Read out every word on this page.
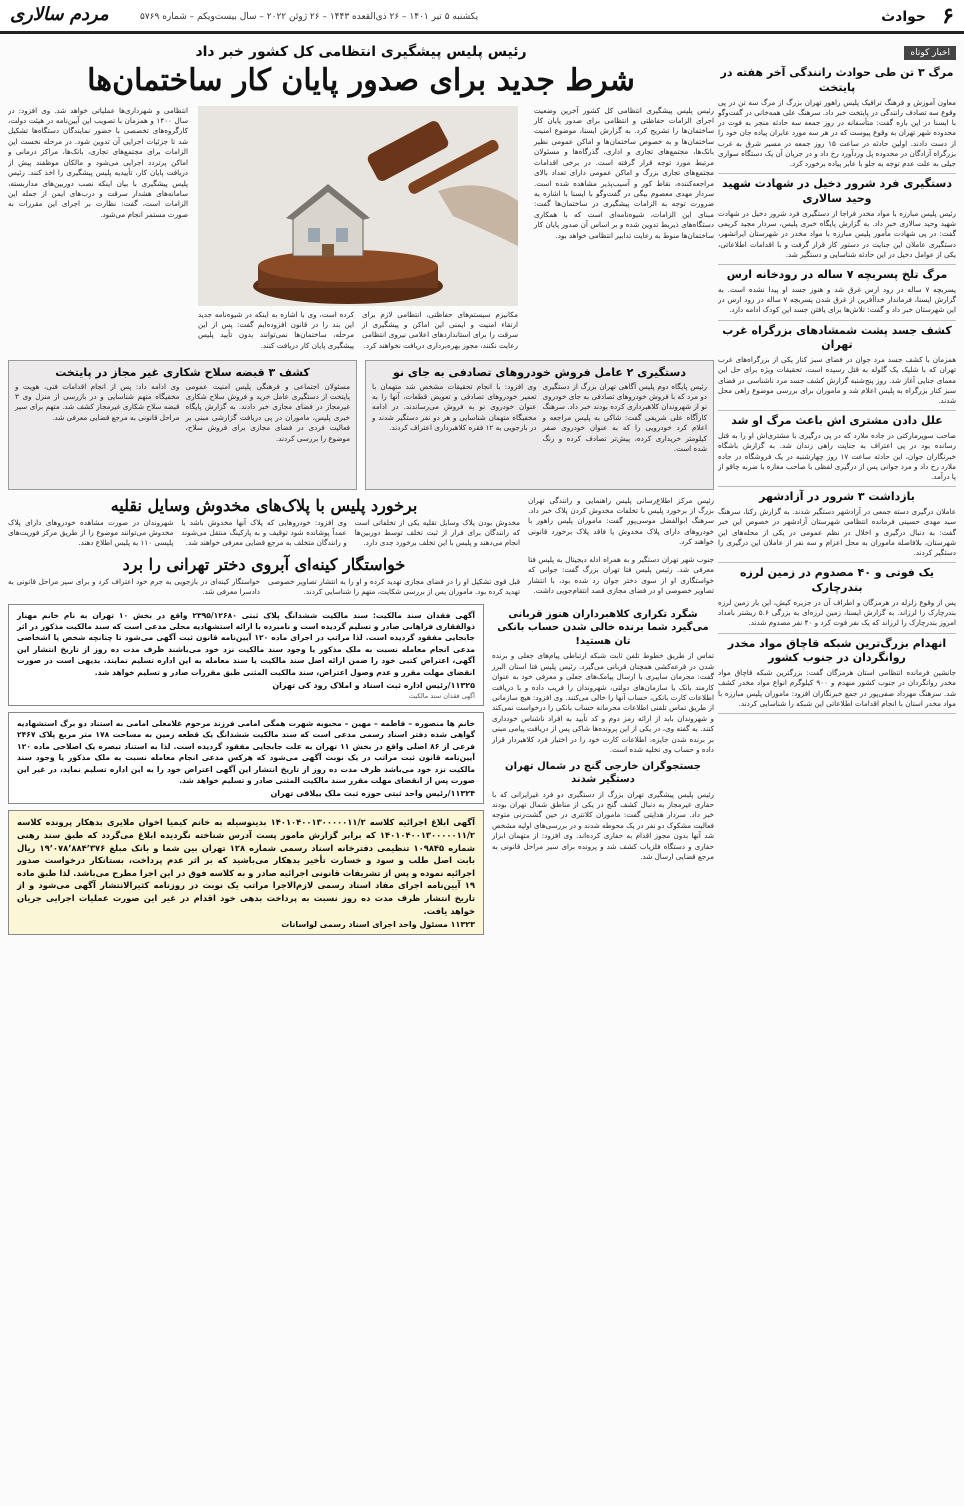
۶
حوادث
یکشنبه ۵ تیر ۱۴۰۱ – ۲۶ ذی‌القعده ۱۴۴۳ – ۲۶ ژوئن ۲۰۲۲ – سال بیست‌ویکم – شماره ۵۷۶۹
مردم سالاری
اخبار کوتاه
مرگ ۳ تن طی حوادث رانندگی آخر هفته در پایتخت

معاون آموزش و فرهنگ ترافیک پلیس راهور تهران بزرگ از مرگ سه تن در پی وقوع سه تصادف رانندگی در پایتخت خبر داد. سرهنگ علی همه‌خانی در گفت‌وگو با ایسنا در این باره گفت: متأسفانه در روز جمعه سه حادثه منجر به فوت در محدوده شهر تهران به وقوع پیوست که در هر سه مورد عابران پیاده جان خود را از دست دادند. اولین حادثه در ساعت ۱۵ روز جمعه در مسیر شرق به غرب بزرگراه آزادگان در محدوده پل وردآورد رخ داد و در جریان آن یک دستگاه سواری جیلی به علت عدم توجه به جلو با عابر پیاده برخورد کرد.

دستگیری فرد شرور دخیل در شهادت شهید وحید سالاری

رئیس پلیس مبارزه با مواد مخدر فراجا از دستگیری فرد شرور دخیل در شهادت شهید وحید سالاری خبر داد. به گزارش پایگاه خبری پلیس، سردار مجید کریمی گفت: در پی شهادت مأمور پلیس مبارزه با مواد مخدر در شهرستان ایرانشهر، دستگیری عاملان این جنایت در دستور کار قرار گرفت و با اقدامات اطلاعاتی، یکی از عوامل دخیل در این حادثه شناسایی و دستگیر شد.

مرگ تلخ پسربچه ۷ ساله در رودخانه ارس

پسربچه ۷ ساله در رود ارس غرق شد و هنوز جسد او پیدا نشده است. به گزارش ایسنا، فرماندار خداآفرین از غرق شدن پسربچه ۷ ساله در رود ارس در این شهرستان خبر داد و گفت: تلاش‌ها برای یافتن جسد این کودک ادامه دارد.

کشف جسد پشت شمشادهای بزرگراه غرب تهران

همزمان با کشف جسد مرد جوان در فضای سبز کنار یکی از بزرگراه‌های غرب تهران که با شلیک یک گلوله به قتل رسیده است، تحقیقات ویژه برای حل این معمای جنایی آغاز شد. روز پنج‌شنبه گزارش کشف جسد مرد ناشناسی در فضای سبز کنار بزرگراه به پلیس اعلام شد و ماموران برای بررسی موضوع راهی محل شدند.

علل دادن مشتری اش باعث مرگ او شد

صاحب سوپرمارکتی در جاده ملارد که در پی درگیری با مشتری‌اش او را به قتل رسانده بود در پی اعتراف به جنایت راهی زندان شد. به گزارش باشگاه خبرنگاران جوان، این حادثه ساعت ۱۷ روز چهارشنبه در یک فروشگاه در جاده ملارد رخ داد و مرد جوانی پس از درگیری لفظی با صاحب مغازه با ضربه چاقو از پا درآمد.

بازداشت ۳ شرور در آزادشهر

عاملان درگیری دسته جمعی در آزادشهر دستگیر شدند. به گزارش رکنا، سرهنگ سید مهدی حسینی فرمانده انتظامی شهرستان آزادشهر در خصوص این خبر گفت: به دنبال درگیری و اخلال در نظم عمومی در یکی از محله‌های این شهرستان، بلافاصله ماموران به محل اعزام و سه نفر از عاملان این درگیری را دستگیر کردند.

یک فوتی و ۴۰ مصدوم در زمین لرزه بندرچارک

پس از وقوع زلزله در هرمزگان و اطراف آن در جزیره کیش، این بار زمین لرزه بندرچارک را لرزاند. به گزارش ایسنا، زمین لرزه‌ای به بزرگی ۵.۶ ریشتر بامداد امروز بندرچارک را لرزاند که یک نفر فوت کرد و ۴۰ نفر مصدوم شدند.

انهدام بزرگ‌ترین شبکه قاچاق مواد مخدر روانگردان در جنوب کشور

جانشین فرمانده انتظامی استان هرمزگان گفت: بزرگترین شبکه قاچاق مواد مخدر روانگردان در جنوب کشور منهدم و ۹۰۰ کیلوگرم انواع مواد مخدر کشف شد. سرهنگ مهرداد صفی‌پور در جمع خبرنگاران افزود: ماموران پلیس مبارزه با مواد مخدر استان با انجام اقدامات اطلاعاتی این شبکه را شناسایی کردند.

رئیس پلیس پیشگیری انتظامی کل کشور خبر داد
شرط جدید برای صدور پایان کار ساختمان‌ها
رئیس پلیس پیشگیری انتظامی کل کشور آخرین وضعیت اجرای الزامات حفاظتی و انتظامی برای صدور پایان کار ساختمان‌ها را تشریح کرد. به گزارش ایسنا، موضوع امنیت ساختمان‌ها و به خصوص ساختمان‌ها و اماکن عمومی نظیر بانک‌ها، مجتمع‌های تجاری و اداری، گذرگاه‌ها و مسئولان مرتبط مورد توجه قرار گرفته است. در برخی اقدامات مجتمع‌های تجاری بزرگ و اماکن عمومی دارای تعداد بالای مراجعه‌کننده، نقاط کور و آسیب‌پذیر مشاهده شده است. سردار مهدی معصوم بیگی در گفت‌وگو با ایسنا با اشاره به ضرورت توجه به الزامات پیشگیری در ساختمان‌ها گفت: مبنای این الزامات، شیوه‌نامه‌ای است که با همکاری دستگاه‌های ذیربط تدوین شده و بر اساس آن صدور پایان کار ساختمان‌ها منوط به رعایت تدابیر انتظامی خواهد بود.
مکانیزم سیستم‌های حفاظتی، انتظامی لازم برای ارتقاء امنیت و ایمنی این اماکن و پیشگیری از سرقت را برای استانداردهای اعلامی نیروی انتظامی رعایت نکنند، مجوز بهره‌برداری دریافت نخواهند کرد.
کرده است، وی با اشاره به اینکه در شیوه‌نامه جدید این بند را در قانون افزوده‌ایم گفت: پس از این مرحله، ساختمان‌ها نمی‌توانند بدون تأیید پلیس پیشگیری پایان کار دریافت کنند.
انتظامی و شهرداری‌ها عملیاتی خواهد شد. وی افزود: در سال ۱۴۰۰ و همزمان با تصویب این آیین‌نامه در هیئت دولت، کارگروه‌های تخصصی با حضور نمایندگان دستگاه‌ها تشکیل شد تا جزئیات اجرایی آن تدوین شود. در مرحله نخست این الزامات برای مجتمع‌های تجاری، بانک‌ها، مراکز درمانی و اماکن پرتردد اجرایی می‌شود و مالکان موظفند پیش از دریافت پایان کار، تأییدیه پلیس پیشگیری را اخذ کنند. رئیس پلیس پیشگیری با بیان اینکه نصب دوربین‌های مداربسته، سامانه‌های هشدار سرقت و درب‌های ایمن از جمله این الزامات است، گفت: نظارت بر اجرای این مقررات به صورت مستمر انجام می‌شود.
دستگیری ۲ عامل فروش خودروهای تصادفی به جای نو
رئیس پایگاه دوم پلیس آگاهی تهران بزرگ از دستگیری دو مرد که با فروش خودروهای تصادفی به جای خودروی نو از شهروندان کلاهبرداری کرده بودند خبر داد. سرهنگ کارآگاه علی شریفی گفت: شاکی به پلیس مراجعه و اعلام کرد خودرویی را که به عنوان خودروی صفر کیلومتر خریداری کرده، پیش‌تر تصادف کرده و رنگ شده است.
وی افزود: با انجام تحقیقات مشخص شد متهمان با تعمیر خودروهای تصادفی و تعویض قطعات، آنها را به عنوان خودروی نو به فروش می‌رساندند. در ادامه مخفیگاه متهمان شناسایی و هر دو نفر دستگیر شدند و در بازجویی به ۱۲ فقره کلاهبرداری اعتراف کردند.
کشف ۳ قبضه سلاح شکاری غیر مجاز در پایتخت
مسئولان اجتماعی و فرهنگی پلیس امنیت عمومی پایتخت از دستگیری عامل خرید و فروش سلاح شکاری غیرمجاز در فضای مجازی خبر دادند. به گزارش پایگاه خبری پلیس، ماموران در پی دریافت گزارشی مبنی بر فعالیت فردی در فضای مجازی برای فروش سلاح، موضوع را بررسی کردند.
وی ادامه داد: پس از انجام اقدامات فنی، هویت و مخفیگاه متهم شناسایی و در بازرسی از منزل وی ۳ قبضه سلاح شکاری غیرمجاز کشف شد. متهم برای سیر مراحل قانونی به مرجع قضایی معرفی شد.
رئیس مرکز اطلاع‌رسانی پلیس راهنمایی و رانندگی تهران بزرگ از برخورد پلیس با تخلفات مخدوش کردن پلاک خبر داد. سرهنگ ابوالفضل موسی‌پور گفت: ماموران پلیس راهور با خودروهای دارای پلاک مخدوش یا فاقد پلاک برخورد قانونی خواهند کرد.
برخورد پلیس با پلاک‌های مخدوش وسایل نقلیه
مخدوش بودن پلاک وسایل نقلیه یکی از تخلفاتی است که رانندگان برای فرار از ثبت تخلف توسط دوربین‌ها انجام می‌دهند و پلیس با این تخلف برخورد جدی دارد.
وی افزود: خودروهایی که پلاک آنها مخدوش باشد یا عمداً پوشانده شود توقیف و به پارکینگ منتقل می‌شوند و رانندگان متخلف به مرجع قضایی معرفی خواهند شد.
شهروندان در صورت مشاهده خودروهای دارای پلاک مخدوش می‌توانند موضوع را از طریق مرکز فوریت‌های پلیسی ۱۱۰ به پلیس اطلاع دهند.
جنوب شهر تهران دستگیر و به همراه ادله دیجیتال به پلیس فتا معرفی شد. رئیس پلیس فتا تهران بزرگ گفت: جوانی که خواستگاری او از سوی دختر جوان رد شده بود، با انتشار تصاویر خصوصی او در فضای مجازی قصد انتقام‌جویی داشت.
خواستگار کینه‌ای آبروی دختر تهرانی را برد
قبل قوی تشکیل او را در فضای مجازی تهدید کرده و او را به انتشار تصاویر خصوصی تهدید کرده بود. ماموران پس از بررسی شکایت، متهم را شناسایی کردند.
خواستگار کینه‌ای در بازجویی به جرم خود اعتراف کرد و برای سیر مراحل قانونی به دادسرا معرفی شد.
شگرد تکراری کلاهبرداران هنوز قربانی می‌گیرد شما برنده خالی شدن حساب بانکی تان هستید!
تماس از طریق خطوط تلفن ثابت شبکه ارتباطی پیام‌های جعلی و برنده شدن در قرعه‌کشی همچنان قربانی می‌گیرد. رئیس پلیس فتا استان البرز گفت: مجرمان سایبری با ارسال پیامک‌های جعلی و معرفی خود به عنوان کارمند بانک یا سازمان‌های دولتی، شهروندان را فریب داده و با دریافت اطلاعات کارت بانکی، حساب آنها را خالی می‌کنند. وی افزود: هیچ سازمانی از طریق تماس تلفنی اطلاعات محرمانه حساب بانکی را درخواست نمی‌کند و شهروندان باید از ارائه رمز دوم و کد تأیید به افراد ناشناس خودداری کنند. به گفته وی، در یکی از این پرونده‌ها شاکی پس از دریافت پیامی مبنی بر برنده شدن جایزه، اطلاعات کارت خود را در اختیار فرد کلاهبردار قرار داده و حساب وی تخلیه شده است.
جستجوگران خارجی گنج در شمال تهران دستگیر شدند
رئیس پلیس پیشگیری تهران بزرگ از دستگیری دو فرد غیرایرانی که با حفاری غیرمجاز به دنبال کشف گنج در یکی از مناطق شمال تهران بودند خبر داد. سردار هدایتی گفت: ماموران کلانتری در حین گشت‌زنی متوجه فعالیت مشکوک دو نفر در یک محوطه شدند و در بررسی‌های اولیه مشخص شد آنها بدون مجوز اقدام به حفاری کرده‌اند. وی افزود: از متهمان ابزار حفاری و دستگاه فلزیاب کشف شد و پرونده برای سیر مراحل قانونی به مرجع قضایی ارسال شد.

آگهی فقدان سند مالکیت: سند مالکیت ششدانگ پلاک ثبتی ۲۳۹۵/۱۲۶۸۰ واقع در بخش ۱۰ تهران به نام خانم مهناز ذوالفقاری فراهانی صادر و تسلیم گردیده است و نامبرده با ارائه استشهادیه محلی مدعی است که سند مالکیت مذکور در اثر جابجایی مفقود گردیده است. لذا مراتب در اجرای ماده ۱۲۰ آیین‌نامه قانون ثبت آگهی می‌شود تا چنانچه شخص یا اشخاصی مدعی انجام معامله نسبت به ملک مذکور یا وجود سند مالکیت نزد خود می‌باشند ظرف مدت ده روز از تاریخ انتشار این آگهی، اعتراض کتبی خود را ضمن ارائه اصل سند مالکیت یا سند معامله به این اداره تسلیم نمایند. بدیهی است در صورت انقضای مهلت مقرر و عدم وصول اعتراض، سند مالکیت المثنی طبق مقررات صادر و تسلیم خواهد شد.

۱۱۳۲۵/رئیس اداره ثبت اسناد و املاک رود کی تهران
آگهی فقدان سند مالکیت

خانم ها منصوره – فاطمه – مهین – محبوبه شهرت همگی امامی فرزند مرحوم غلامعلی امامی به استناد دو برگ استشهادیه گواهی شده دفتر اسناد رسمی مدعی است که سند مالکیت ششدانگ یک قطعه زمین به مساحت ۱۷۸ متر مربع پلاک ۲۴۶۷ فرعی از ۸۶ اصلی واقع در بخش ۱۱ تهران به علت جابجایی مفقود گردیده است. لذا به استناد تبصره یک اصلاحی ماده ۱۲۰ آیین‌نامه قانون ثبت مراتب در یک نوبت آگهی می‌شود که هرکس مدعی انجام معامله نسبت به ملک مذکور یا وجود سند مالکیت نزد خود می‌باشد ظرف مدت ده روز از تاریخ انتشار این آگهی اعتراض خود را به این اداره تسلیم نماید، در غیر این صورت پس از انقضای مهلت مقرر سند مالکیت المثنی صادر و تسلیم خواهد شد.

۱۱۳۲۴/رئیس واحد ثبتی حوزه ثبت ملک ییلاقی تهران

آگهی ابلاغ اجرائیه کلاسه ۱۴۰۱۰۴۰۰۱۳۰۰۰۰۰۱۱/۲ بدینوسیله به خانم کیمیا اخوان ملایری بدهکار پرونده کلاسه ۱۴۰۱۰۴۰۰۱۳۰۰۰۰۰۱۱/۲ که برابر گزارش مامور پست آدرس شناخته نگردیده ابلاغ می‌گردد که طبق سند رهنی شماره ۱۰۹۸۴۵ تنظیمی دفترخانه اسناد رسمی شماره ۱۲۸ تهران بین شما و بانک مبلغ ۱۹٬۰۷۸٬۸۸۴٬۳۷۶ ریال بابت اصل طلب و سود و خسارت تأخیر بدهکار می‌باشید که بر اثر عدم پرداخت، بستانکار درخواست صدور اجرائیه نموده و پس از تشریفات قانونی اجرائیه صادر و به کلاسه فوق در این اجرا مطرح می‌باشد. لذا طبق ماده ۱۹ آیین‌نامه اجرای مفاد اسناد رسمی لازم‌الاجرا مراتب یک نوبت در روزنامه کثیرالانتشار آگهی می‌شود و از تاریخ انتشار ظرف مدت ده روز نسبت به پرداخت بدهی خود اقدام در غیر این صورت عملیات اجرایی جریان خواهد یافت.

۱۱۳۲۳ مسئول واحد اجرای اسناد رسمی لواسانات
